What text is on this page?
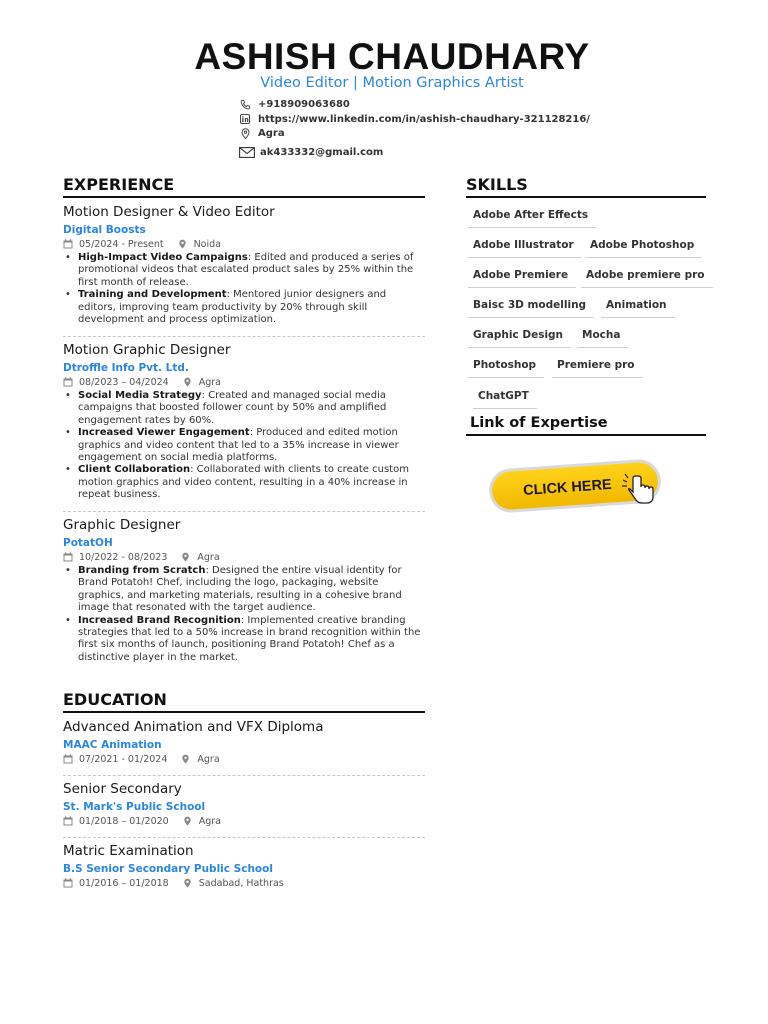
ASHISH CHAUDHARY
Video Editor | Motion Graphics Artist
+918909063680
https://www.linkedin.com/in/ashish-chaudhary-321128216/
Agra
ak433332@gmail.com
EXPERIENCE
Motion Designer & Video Editor
Digital Boosts
05/2024 - Present	Noida
• High-Impact Video Campaigns: Edited and produced a series of promotional videos that escalated product sales by 25% within the first month of release.
• Training and Development: Mentored junior designers and editors, improving team productivity by 20% through skill development and process optimization.
Motion Graphic Designer
Dtroffle Info Pvt. Ltd.
08/2023 – 04/2024	Agra
• Social Media Strategy: Created and managed social media campaigns that boosted follower count by 50% and amplified engagement rates by 60%.
• Increased Viewer Engagement: Produced and edited motion graphics and video content that led to a 35% increase in viewer engagement on social media platforms.
• Client Collaboration: Collaborated with clients to create custom motion graphics and video content, resulting in a 40% increase in repeat business.
Graphic Designer
PotatOH
10/2022 - 08/2023	Agra
• Branding from Scratch: Designed the entire visual identity for Brand Potatoh! Chef, including the logo, packaging, website graphics, and marketing materials, resulting in a cohesive brand image that resonated with the target audience.
• Increased Brand Recognition: Implemented creative branding strategies that led to a 50% increase in brand recognition within the first six months of launch, positioning Brand Potatoh! Chef as a distinctive player in the market.
EDUCATION
Advanced Animation and VFX Diploma
MAAC Animation
07/2021 - 01/2024	Agra
Senior Secondary
St. Mark's Public School
01/2018 – 01/2020	Agra
Matric Examination
B.S Senior Secondary Public School
01/2016 – 01/2018	Sadabad, Hathras
SKILLS
Adobe After Effects
Adobe Illustrator	Adobe Photoshop
Adobe Premiere	Adobe premiere pro
Baisc 3D modelling	Animation
Graphic Design	Mocha
Photoshop	Premiere pro
ChatGPT
Link of Expertise
CLICK HERE
